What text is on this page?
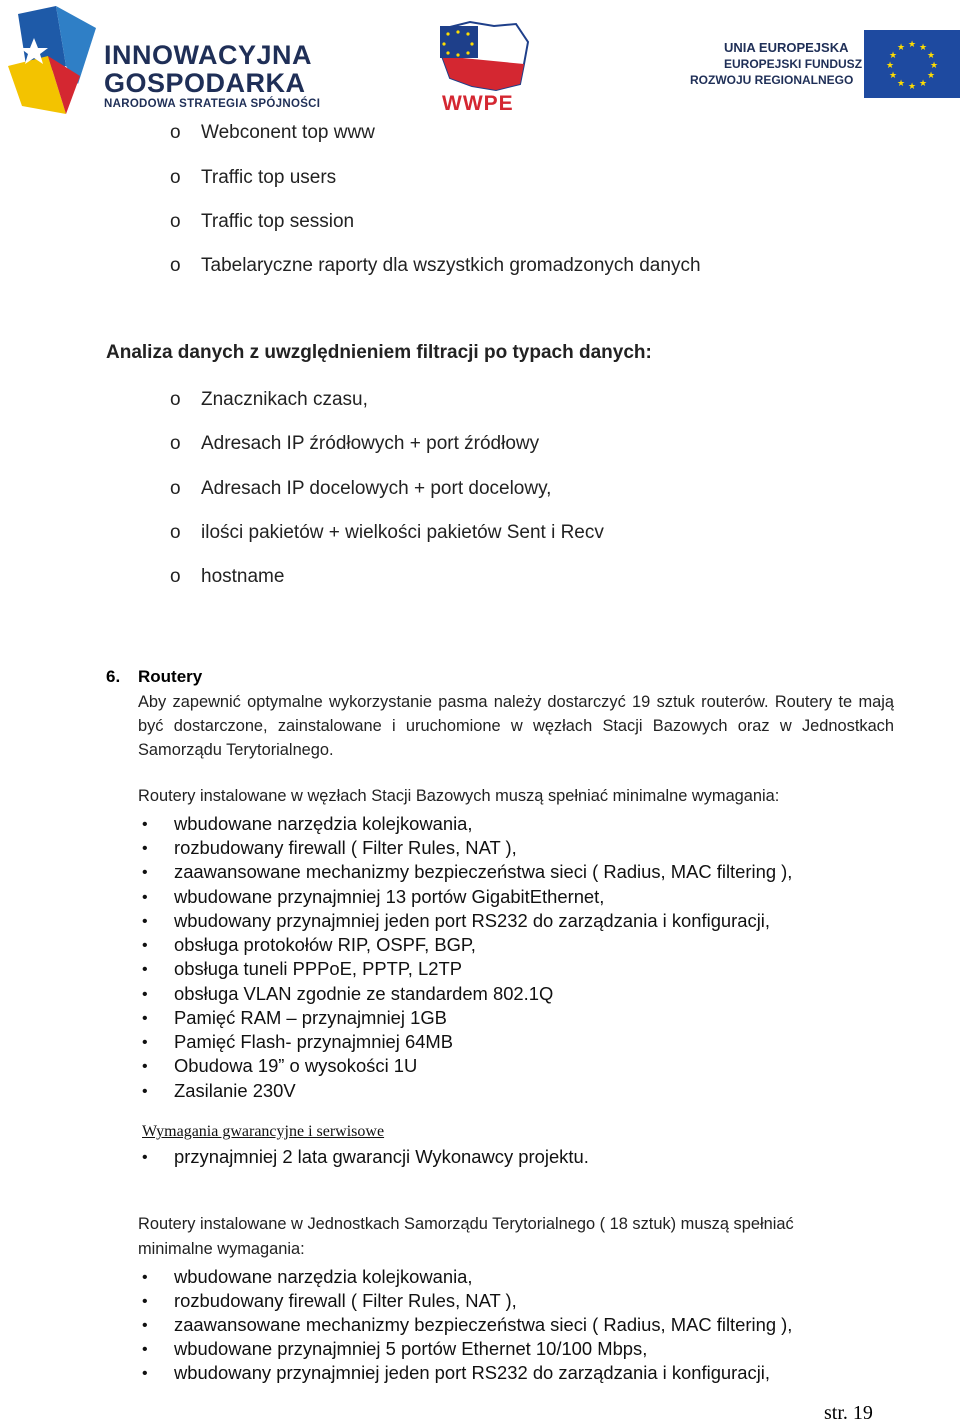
INNOWACYJNA
GOSPODARKA
NARODOWA STRATEGIA SPÓJNOŚCI	WWPE
UNIA EUROPEJSKA
EUROPEJSKI FUNDUSZ
ROZWOJU REGIONALNEGO
★ ★
★
★
★
★
★
★
★
★
★
★
o Webconent top www
o Traffic top users
o Traffic top session
o Tabelaryczne raporty dla wszystkich gromadzonych danych
Analiza danych z uwzględnieniem filtracji po typach danych:
o Znacznikach czasu,
o Adresach IP źródłowych + port źródłowy
o Adresach IP docelowych + port docelowy,
o ilości pakietów + wielkości pakietów Sent i Recv
o hostname
6. Routery
Aby zapewnić optymalne wykorzystanie pasma należy dostarczyć 19 sztuk routerów. Routery te mają być dostarczone, zainstalowane i uruchomione w węzłach Stacji Bazowych oraz w Jednostkach Samorządu Terytorialnego.
Routery instalowane w węzłach Stacji Bazowych muszą spełniać minimalne wymagania:
• wbudowane narzędzia kolejkowania,
• rozbudowany firewall ( Filter Rules, NAT ),
• zaawansowane mechanizmy bezpieczeństwa sieci ( Radius, MAC filtering ),
• wbudowane przynajmniej 13 portów GigabitEthernet,
• wbudowany przynajmniej jeden port RS232 do zarządzania i konfiguracji,
• obsługa protokołów RIP, OSPF, BGP,
• obsługa tuneli PPPoE, PPTP, L2TP
• obsługa VLAN zgodnie ze standardem 802.1Q
• Pamięć RAM – przynajmniej 1GB
• Pamięć Flash- przynajmniej 64MB
• Obudowa 19” o wysokości 1U
• Zasilanie 230V
Wymagania gwarancyjne i serwisowe
• przynajmniej 2 lata gwarancji Wykonawcy projektu.
Routery instalowane w Jednostkach Samorządu Terytorialnego ( 18 sztuk) muszą spełniać
minimalne wymagania:
• wbudowane narzędzia kolejkowania,
• rozbudowany firewall ( Filter Rules, NAT ),
• zaawansowane mechanizmy bezpieczeństwa sieci ( Radius, MAC filtering ),
• wbudowane przynajmniej 5 portów Ethernet 10/100 Mbps,
• wbudowany przynajmniej jeden port RS232 do zarządzania i konfiguracji,
str. 19
